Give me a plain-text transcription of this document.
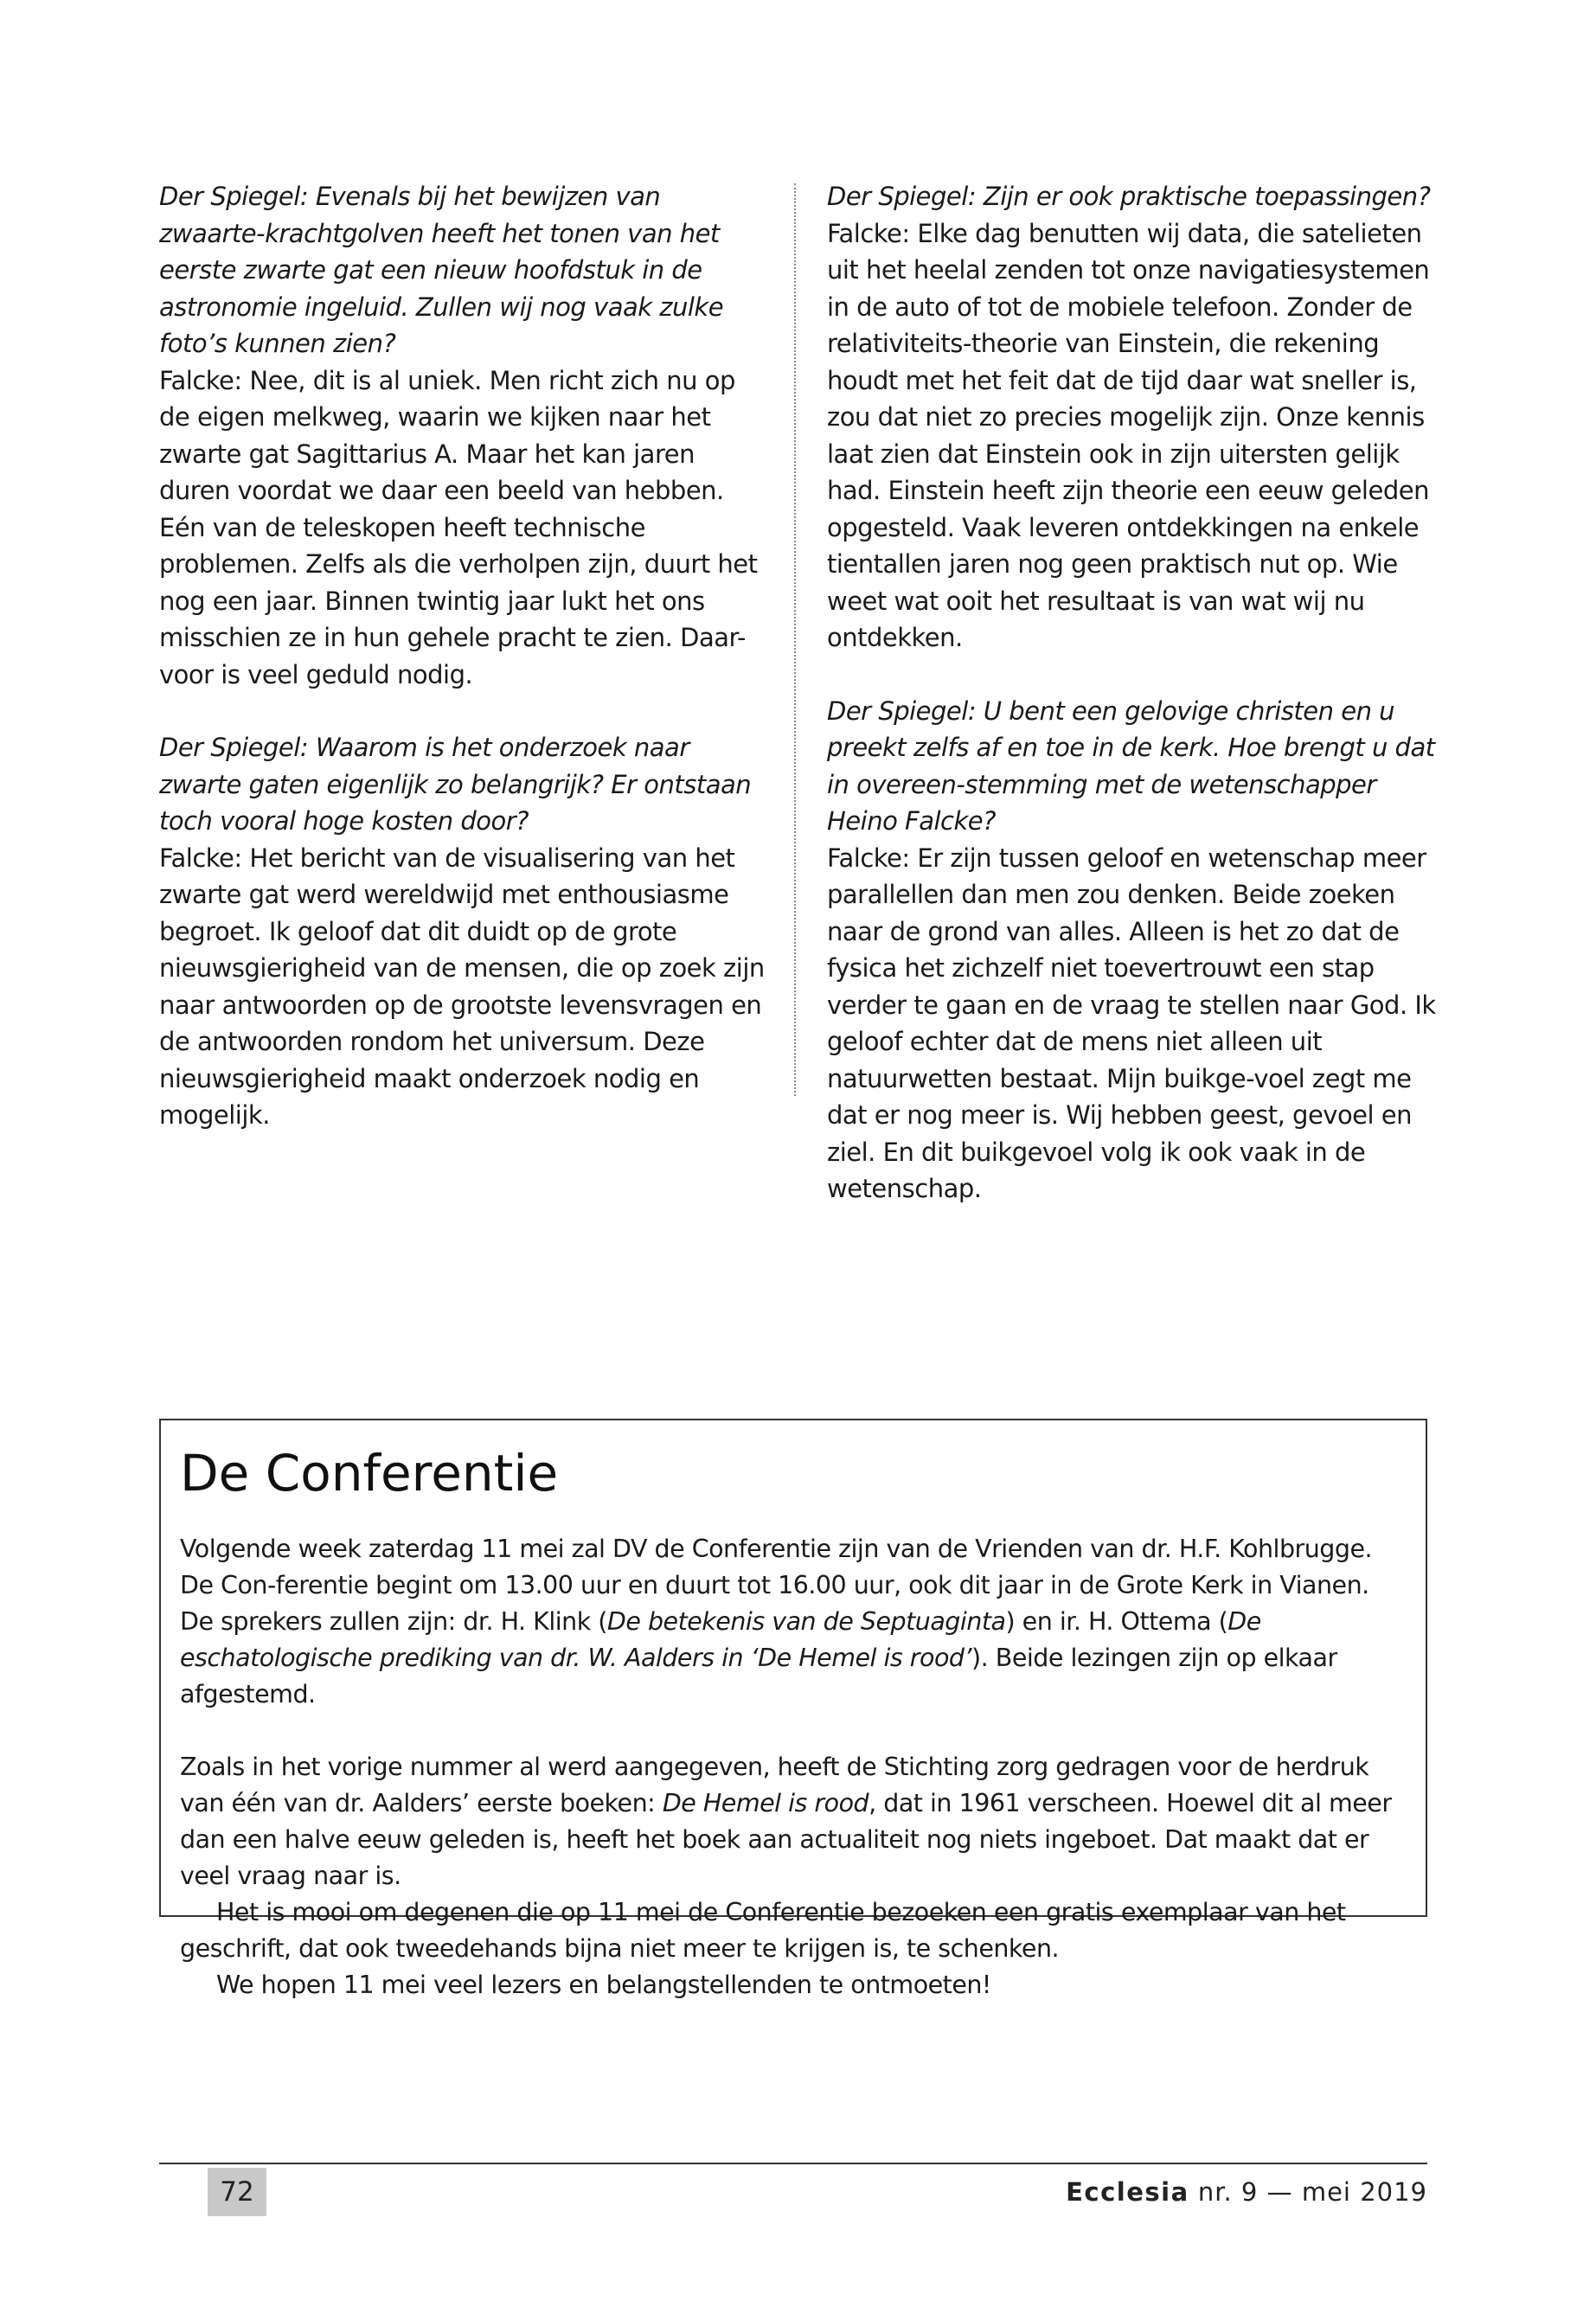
Der Spiegel: Evenals bij het bewijzen van zwaarte-krachtgolven heeft het tonen van het eerste zwarte gat een nieuw hoofdstuk in de astronomie ingeluid. Zullen wij nog vaak zulke foto’s kunnen zien?

Falcke: Nee, dit is al uniek. Men richt zich nu op de eigen melkweg, waarin we kijken naar het zwarte gat Sagittarius A. Maar het kan jaren duren voordat we daar een beeld van hebben. Eén van de teleskopen heeft technische problemen. Zelfs als die verholpen zijn, duurt het nog een jaar. Binnen twintig jaar lukt het ons misschien ze in hun gehele pracht te zien. Daar-voor is veel geduld nodig.

Der Spiegel: Waarom is het onderzoek naar zwarte gaten eigenlijk zo belangrijk? Er ontstaan toch vooral hoge kosten door?

Falcke: Het bericht van de visualisering van het zwarte gat werd wereldwijd met enthousiasme begroet. Ik geloof dat dit duidt op de grote nieuwsgierigheid van de mensen, die op zoek zijn naar antwoorden op de grootste levensvragen en de antwoorden rondom het universum. Deze nieuwsgierigheid maakt onderzoek nodig en mogelijk.

Der Spiegel: Zijn er ook praktische toepassingen?

Falcke: Elke dag benutten wij data, die satelieten uit het heelal zenden tot onze navigatiesystemen in de auto of tot de mobiele telefoon. Zonder de relativiteits-theorie van Einstein, die rekening houdt met het feit dat de tijd daar wat sneller is, zou dat niet zo precies mogelijk zijn. Onze kennis laat zien dat Einstein ook in zijn uitersten gelijk had. Einstein heeft zijn theorie een eeuw geleden opgesteld. Vaak leveren ontdekkingen na enkele tientallen jaren nog geen praktisch nut op. Wie weet wat ooit het resultaat is van wat wij nu ontdekken.

Der Spiegel: U bent een gelovige christen en u preekt zelfs af en toe in de kerk. Hoe brengt u dat in overeen-stemming met de wetenschapper Heino Falcke?

Falcke: Er zijn tussen geloof en wetenschap meer parallellen dan men zou denken. Beide zoeken naar de grond van alles. Alleen is het zo dat de fysica het zichzelf niet toevertrouwt een stap verder te gaan en de vraag te stellen naar God. Ik geloof echter dat de mens niet alleen uit natuurwetten bestaat. Mijn buikge-voel zegt me dat er nog meer is. Wij hebben geest, gevoel en ziel. En dit buikgevoel volg ik ook vaak in de wetenschap.

De Conferentie

Volgende week zaterdag 11 mei zal DV de Conferentie zijn van de Vrienden van dr. H.F. Kohlbrugge. De Con-ferentie begint om 13.00 uur en duurt tot 16.00 uur, ook dit jaar in de Grote Kerk in Vianen. De sprekers zullen zijn: dr. H. Klink (De betekenis van de Septuaginta) en ir. H. Ottema (De eschatologische prediking van dr. W. Aalders in ‘De Hemel is rood’). Beide lezingen zijn op elkaar afgestemd.

Zoals in het vorige nummer al werd aangegeven, heeft de Stichting zorg gedragen voor de herdruk van één van dr. Aalders’ eerste boeken: De Hemel is rood, dat in 1961 verscheen. Hoewel dit al meer dan een halve eeuw geleden is, heeft het boek aan actualiteit nog niets ingeboet. Dat maakt dat er veel vraag naar is.

Het is mooi om degenen die op 11 mei de Conferentie bezoeken een gratis exemplaar van het geschrift, dat ook tweedehands bijna niet meer te krijgen is, te schenken.

We hopen 11 mei veel lezers en belangstellenden te ontmoeten!

72	Ecclesia nr. 9 — mei 2019
